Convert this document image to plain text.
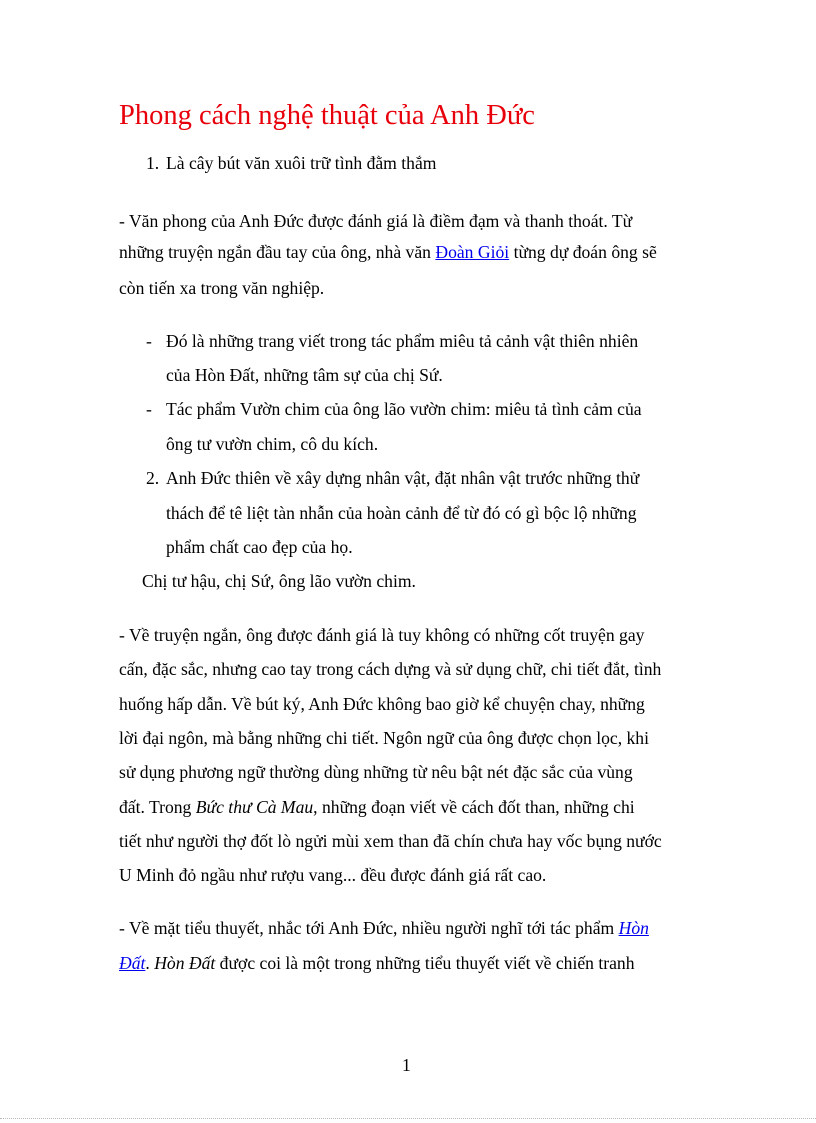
Phong cách nghệ thuật của Anh Đức
1. Là cây bút văn xuôi trữ tình đằm thắm
- Văn phong của Anh Đức được đánh giá là điềm đạm và thanh thoát. Từ
những truyện ngắn đầu tay của ông, nhà văn Đoàn Giỏi từng dự đoán ông sẽ
còn tiến xa trong văn nghiệp.
- Đó là những trang viết trong tác phẩm miêu tả cảnh vật thiên nhiên
của Hòn Đất, những tâm sự của chị Sứ.
- Tác phẩm Vườn chim của ông lão vườn chim: miêu tả tình cảm của
ông tư vườn chim, cô du kích.
2. Anh Đức thiên về xây dựng nhân vật, đặt nhân vật trước những thử
thách để tê liệt tàn nhẫn của hoàn cảnh để từ đó có gì bộc lộ những
phẩm chất cao đẹp của họ.
Chị tư hậu, chị Sứ, ông lão vườn chim.
- Về truyện ngắn, ông được đánh giá là tuy không có những cốt truyện gay
cấn, đặc sắc, nhưng cao tay trong cách dựng và sử dụng chữ, chi tiết đắt, tình
huống hấp dẫn. Về bút ký, Anh Đức không bao giờ kể chuyện chay, những
lời đại ngôn, mà bằng những chi tiết. Ngôn ngữ của ông được chọn lọc, khi
sử dụng phương ngữ thường dùng những từ nêu bật nét đặc sắc của vùng
đất. Trong Bức thư Cà Mau, những đoạn viết về cách đốt than, những chi
tiết như người thợ đốt lò ngửi mùi xem than đã chín chưa hay vốc bụng nước
U Minh đỏ ngầu như rượu vang... đều được đánh giá rất cao.
- Về mặt tiểu thuyết, nhắc tới Anh Đức, nhiều người nghĩ tới tác phẩm Hòn
Đất. Hòn Đất được coi là một trong những tiểu thuyết viết về chiến tranh
1
